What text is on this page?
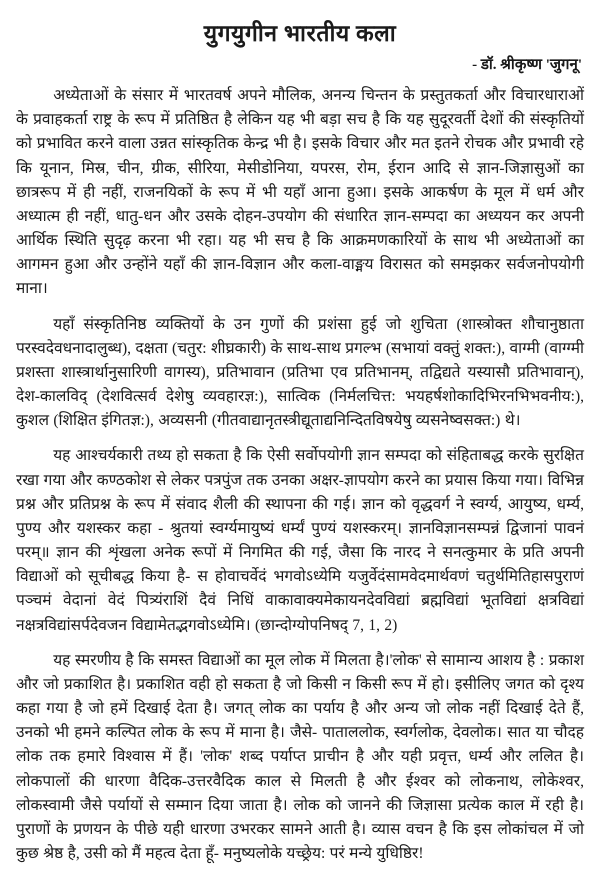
युगयुगीन भारतीय कला
- डॉ. श्रीकृष्ण 'जुगनू'

अध्येताओं के संसार में भारतवर्ष अपने मौलिक, अनन्य चिन्तन के प्रस्तुतकर्ता और विचारधाराओं के प्रवाहकर्ता राष्ट्र के रूप में प्रतिष्ठित है लेकिन यह भी बड़ा सच है कि यह सुदूरवर्ती देशों की संस्कृतियों को प्रभावित करने वाला उन्नत सांस्कृतिक केन्द्र भी है। इसके विचार और मत इतने रोचक और प्रभावी रहे कि यूनान, मिस्र, चीन, ग्रीक, सीरिया, मेसीडोनिया, यपरस, रोम, ईरान आदि से ज्ञान-जिज्ञासुओं का छात्ररूप में ही नहीं, राजनयिकों के रूप में भी यहाँ आना हुआ। इसके आकर्षण के मूल में धर्म और अध्यात्म ही नहीं, धातु-धन और उसके दोहन-उपयोग की संधारित ज्ञान-सम्पदा का अध्ययन कर अपनी आर्थिक स्थिति सुदृढ़ करना भी रहा। यह भी सच है कि आक्रमणकारियों के साथ भी अध्येताओं का आगमन हुआ और उन्होंने यहाँ की ज्ञान-विज्ञान और कला-वाङ्मय विरासत को समझकर सर्वजनोपयोगी माना।

यहाँ संस्कृतिनिष्ठ व्यक्तियों के उन गुणों की प्रशंसा हुई जो शुचिता (शास्त्रोक्त शौचानुष्ठाता परस्वदेवधनादालुब्ध), दक्षता (चतुर: शीघ्रकारी) के साथ-साथ प्रगल्भ (सभायां वक्तुं शक्त:), वाग्मी (वाग्ग्मी प्रशस्ता शास्त्रार्थानुसारिणी वागस्य), प्रतिभावान (प्रतिभा एव प्रतिभानम्, तद्विद्यते यस्यासौ प्रतिभावान्), देश-कालविद् (देशवित्सर्व देशेषु व्यवहारज्ञ:), सात्विक (निर्मलचित्त: भयहर्षशोकादिभिरनभिभवनीय:), कुशल (शिक्षित इंगितज्ञ:), अव्यसनी (गीतवाद्यानृतस्त्रीद्यूताद्यनिन्दितविषयेषु व्यसनेष्वसक्त:) थे।

यह आश्चर्यकारी तथ्य हो सकता है कि ऐसी सर्वोपयोगी ज्ञान सम्पदा को संहिताबद्ध करके सुरक्षित रखा गया और कण्ठकोश से लेकर पत्रपुंज तक उनका अक्षर-ज्ञापयोग करने का प्रयास किया गया। विभिन्न प्रश्न और प्रतिप्रश्न के रूप में संवाद शैली की स्थापना की गई। ज्ञान को वृद्धवर्ग ने स्वर्ग्य, आयुष्य, धर्म्य, पुण्य और यशस्कर कहा - श्रुतयां स्वर्ग्यमायुष्यं धर्म्यं पुण्यं यशस्करम्। ज्ञानविज्ञानसम्पन्नं द्विजानां पावनं परम्॥ ज्ञान की शृंखला अनेक रूपों में निगमित की गई, जैसा कि नारद ने सनत्कुमार के प्रति अपनी विद्याओं को सूचीबद्ध किया है- स होवाचर्वेदं भगवोऽध्येमि यजुर्वेदंसामवेदमार्थवणं चतुर्थमितिहासपुराणं पञ्चमं वेदानां वेदं पित्र्यंराशिं दैवं निधिं वाकावाक्यमेकायनदेवविद्यां ब्रह्मविद्यां भूतविद्यां क्षत्रविद्यां नक्षत्रविद्यांसर्पदेवजन विद्यामेतद्भगवोऽध्येमि। (छान्दोग्योपनिषद् 7, 1, 2)

यह स्मरणीय है कि समस्त विद्याओं का मूल लोक में मिलता है।'लोक' से सामान्य आशय है : प्रकाश और जो प्रकाशित है। प्रकाशित वही हो सकता है जो किसी न किसी रूप में हो। इसीलिए जगत को दृश्य कहा गया है जो हमें दिखाई देता है। जगत् लोक का पर्याय है और अन्य जो लोक नहीं दिखाई देते हैं, उनको भी हमने कल्पित लोक के रूप में माना है। जैसे- पाताललोक, स्वर्गलोक, देवलोक। सात या चौदह लोक तक हमारे विश्वास में हैं। 'लोक' शब्द पर्याप्त प्राचीन है और यही प्रवृत्त, धर्म्य और ललित है। लोकपालों की धारणा वैदिक-उत्तरवैदिक काल से मिलती है और ईश्वर को लोकनाथ, लोकेश्वर, लोकस्वामी जैसे पर्यायों से सम्मान दिया जाता है। लोक को जानने की जिज्ञासा प्रत्येक काल में रही है। पुराणों के प्रणयन के पीछे यही धारणा उभरकर सामने आती है। व्यास वचन है कि इस लोकांचल में जो कुछ श्रेष्ठ है, उसी को मैं महत्व देता हूँ- मनुष्यलोके यच्छ्रेय: परं मन्ये युधिष्ठिर!
